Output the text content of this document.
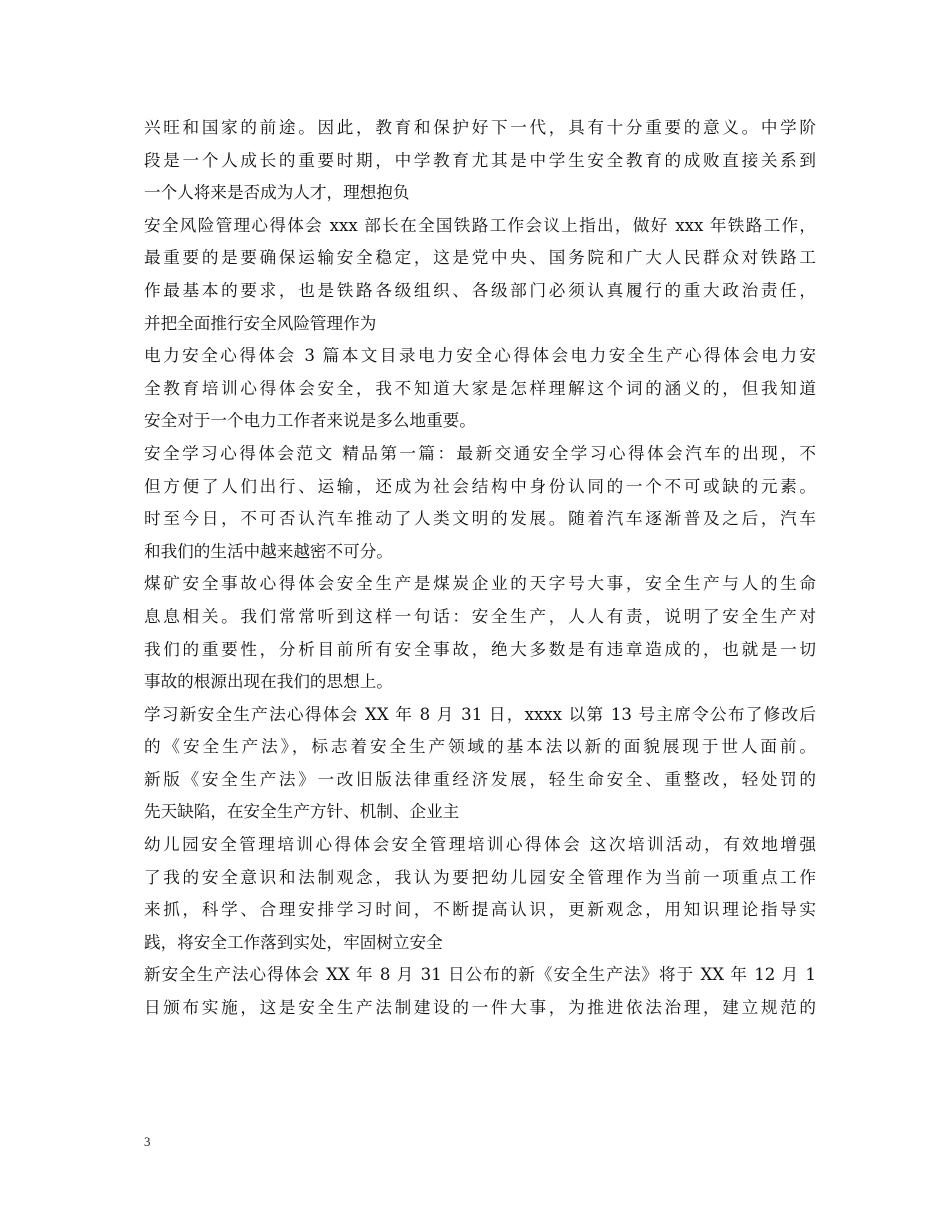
兴旺和国家的前途。因此，教育和保护好下一代，具有十分重要的意义。中学阶
段是一个人成长的重要时期，中学教育尤其是中学生安全教育的成败直接关系到
一个人将来是否成为人才，理想抱负
安全风险管理心得体会 xxx 部长在全国铁路工作会议上指出，做好 xxx 年铁路工作，
最重要的是要确保运输安全稳定，这是党中央、国务院和广大人民群众对铁路工
作最基本的要求，也是铁路各级组织、各级部门必须认真履行的重大政治责任，
并把全面推行安全风险管理作为
电力安全心得体会 3 篇本文目录电力安全心得体会电力安全生产心得体会电力安
全教育培训心得体会安全，我不知道大家是怎样理解这个词的涵义的，但我知道
安全对于一个电力工作者来说是多么地重要。
安全学习心得体会范文 精品第一篇：最新交通安全学习心得体会汽车的出现，不
但方便了人们出行、运输，还成为社会结构中身份认同的一个不可或缺的元素。
时至今日，不可否认汽车推动了人类文明的发展。随着汽车逐渐普及之后，汽车
和我们的生活中越来越密不可分。
煤矿安全事故心得体会安全生产是煤炭企业的天字号大事，安全生产与人的生命
息息相关。我们常常听到这样一句话：安全生产，人人有责，说明了安全生产对
我们的重要性，分析目前所有安全事故，绝大多数是有违章造成的，也就是一切
事故的根源出现在我们的思想上。
学习新安全生产法心得体会 XX 年 8 月 31 日，xxxx 以第 13 号主席令公布了修改后
的《安全生产法》，标志着安全生产领域的基本法以新的面貌展现于世人面前。
新版《安全生产法》一改旧版法律重经济发展，轻生命安全、重整改，轻处罚的
先天缺陷，在安全生产方针、机制、企业主
幼儿园安全管理培训心得体会安全管理培训心得体会 这次培训活动，有效地增强
了我的安全意识和法制观念，我认为要把幼儿园安全管理作为当前一项重点工作
来抓，科学、合理安排学习时间，不断提高认识，更新观念，用知识理论指导实
践，将安全工作落到实处，牢固树立安全
新安全生产法心得体会 XX 年 8 月 31 日公布的新《安全生产法》将于 XX 年 12 月 1
日颁布实施，这是安全生产法制建设的一件大事，为推进依法治理，建立规范的
3
